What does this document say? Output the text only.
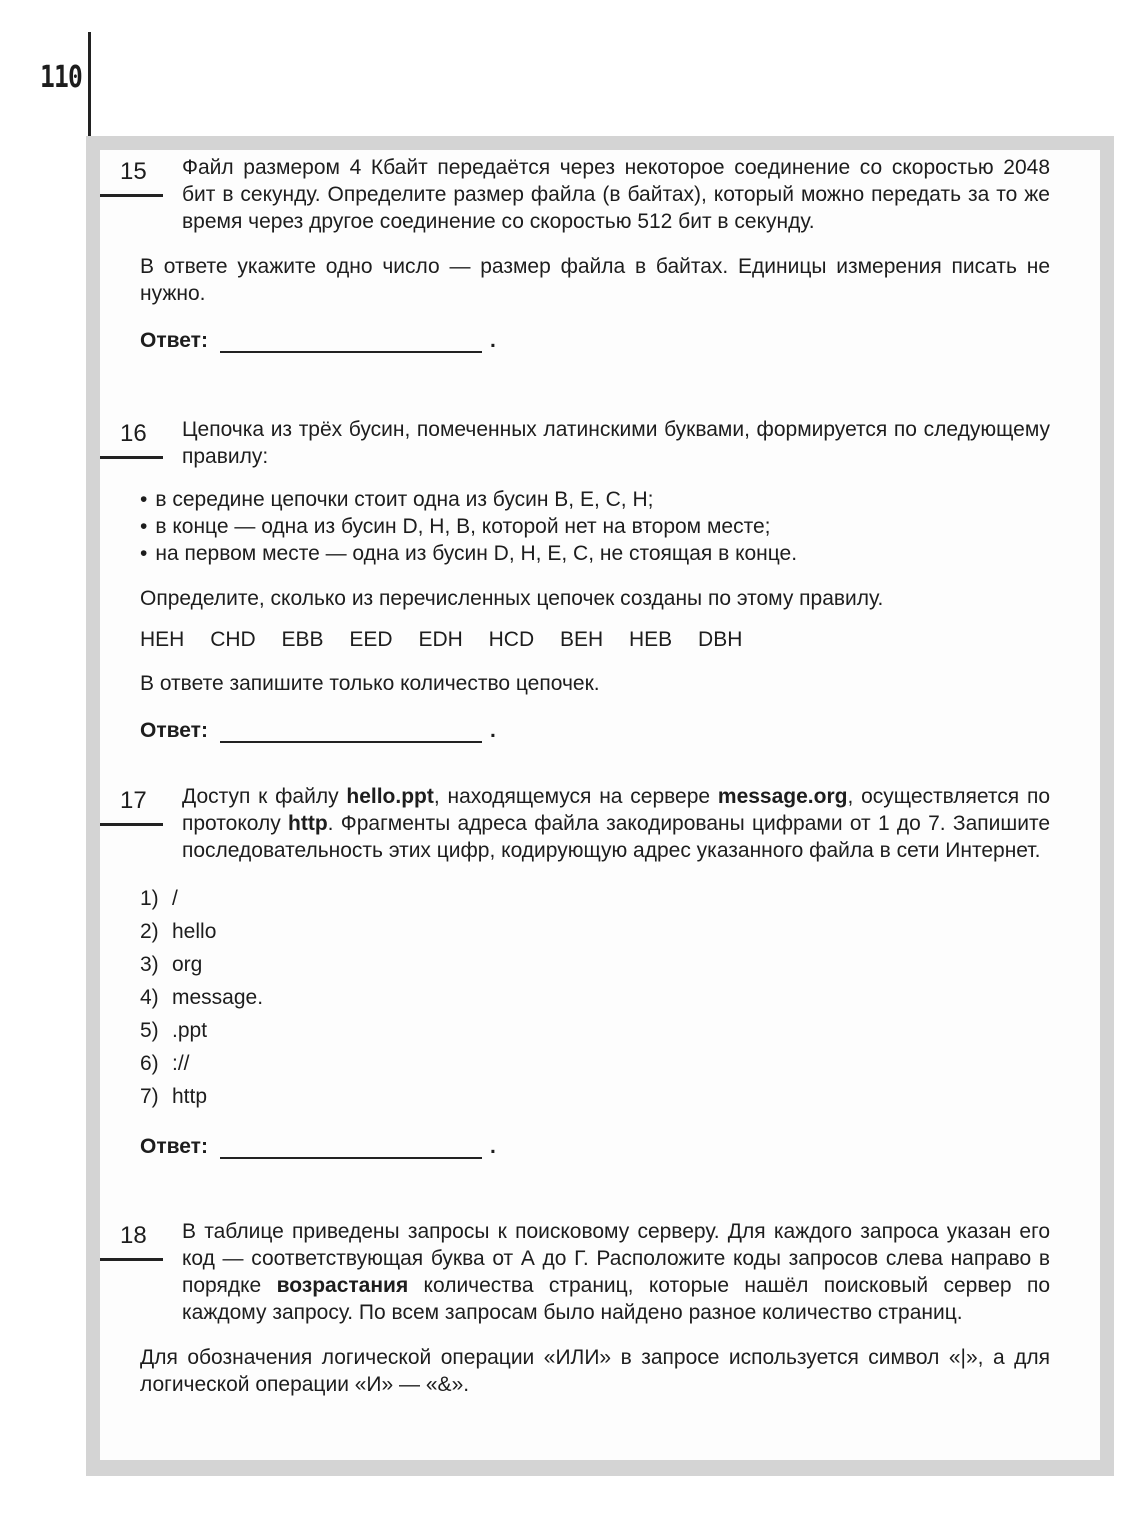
110
15 Файл размером 4 Кбайт передаётся через некоторое соединение со скоростью 2048 бит в секунду. Определите размер файла (в байтах), который можно передать за то же время через другое соединение со скоростью 512 бит в секунду.

В ответе укажите одно число — размер файла в байтах. Единицы измерения писать не нужно.

Ответ:	.
16 Цепочка из трёх бусин, помеченных латинскими буквами, формируется по следующему правилу:

• в середине цепочки стоит одна из бусин В, Е, С, Н;
• в конце — одна из бусин D, Н, В, которой нет на втором месте;
• на первом месте — одна из бусин D, Н, Е, С, не стоящая в конце.

Определите, сколько из перечисленных цепочек созданы по этому правилу.

HEH CHD EBB EED EDH HCD BEH HEB DBH

В ответе запишите только количество цепочек.

Ответ:	.
17 Доступ к файлу hello.ppt, находящемуся на сервере message.org, осуществляется по протоколу http. Фрагменты адреса файла закодированы цифрами от 1 до 7. Запишите последовательность этих цифр, кодирующую адрес указанного файла в сети Интернет.

1) /
2) hello
3) org
4) message.
5) .ppt
6) ://
7) http
Ответ:	.
18 В таблице приведены запросы к поисковому серверу. Для каждого запроса указан его код — соответствующая буква от А до Г. Расположите коды запросов слева направо в порядке возрастания количества страниц, которые нашёл поисковый сервер по каждому запросу. По всем запросам было найдено разное количество страниц.

Для обозначения логической операции «ИЛИ» в запросе используется символ «|», а для логической операции «И» — «&».
